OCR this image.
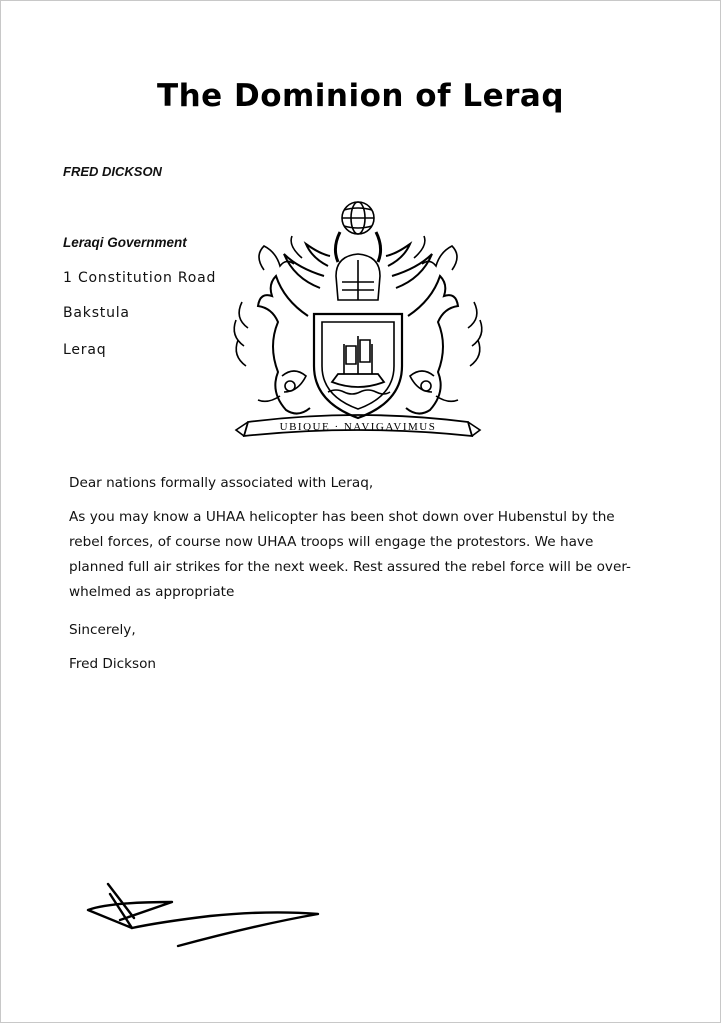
The Dominion of Leraq
FRED DICKSON
Leraqi Government
1 Constitution Road
Bakstula
Leraq
UBIQUE · NAVIGAVIMUS
Dear nations formally associated with Leraq,
As you may know a UHAA helicopter has been shot down over Hubenstul by the
rebel forces, of course now UHAA troops will engage the protestors. We have
planned full air strikes for the next week. Rest assured the rebel force will be over-
whelmed as appropriate
Sincerely,
Fred Dickson
